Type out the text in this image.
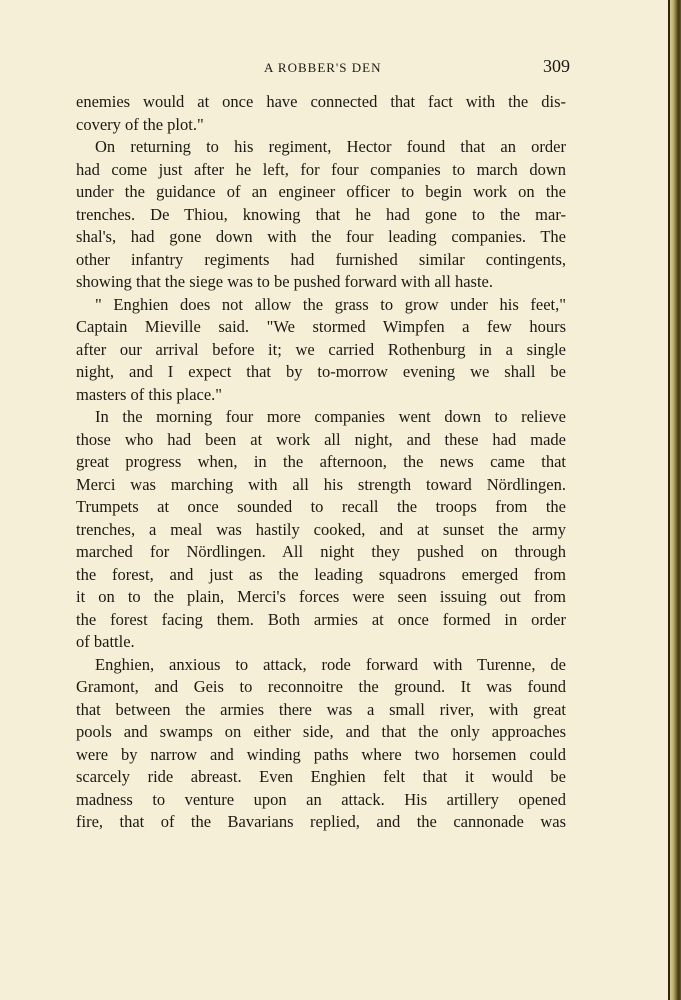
A ROBBER'S DEN	309
enemies would at once have connected that fact with the dis-
covery of the plot."
On returning to his regiment, Hector found that an order
had come just after he left, for four companies to march down
under the guidance of an engineer officer to begin work on the
trenches. De Thiou, knowing that he had gone to the mar-
shal's, had gone down with the four leading companies. The
other infantry regiments had furnished similar contingents,
showing that the siege was to be pushed forward with all haste.
" Enghien does not allow the grass to grow under his feet,"
Captain Mieville said. "We stormed Wimpfen a few hours
after our arrival before it; we carried Rothenburg in a single
night, and I expect that by to-morrow evening we shall be
masters of this place."
In the morning four more companies went down to relieve
those who had been at work all night, and these had made
great progress when, in the afternoon, the news came that
Merci was marching with all his strength toward Nördlingen.
Trumpets at once sounded to recall the troops from the
trenches, a meal was hastily cooked, and at sunset the army
marched for Nördlingen. All night they pushed on through
the forest, and just as the leading squadrons emerged from
it on to the plain, Merci's forces were seen issuing out from
the forest facing them. Both armies at once formed in order
of battle.
Enghien, anxious to attack, rode forward with Turenne, de
Gramont, and Geis to reconnoitre the ground. It was found
that between the armies there was a small river, with great
pools and swamps on either side, and that the only approaches
were by narrow and winding paths where two horsemen could
scarcely ride abreast. Even Enghien felt that it would be
madness to venture upon an attack. His artillery opened
fire, that of the Bavarians replied, and the cannonade was
